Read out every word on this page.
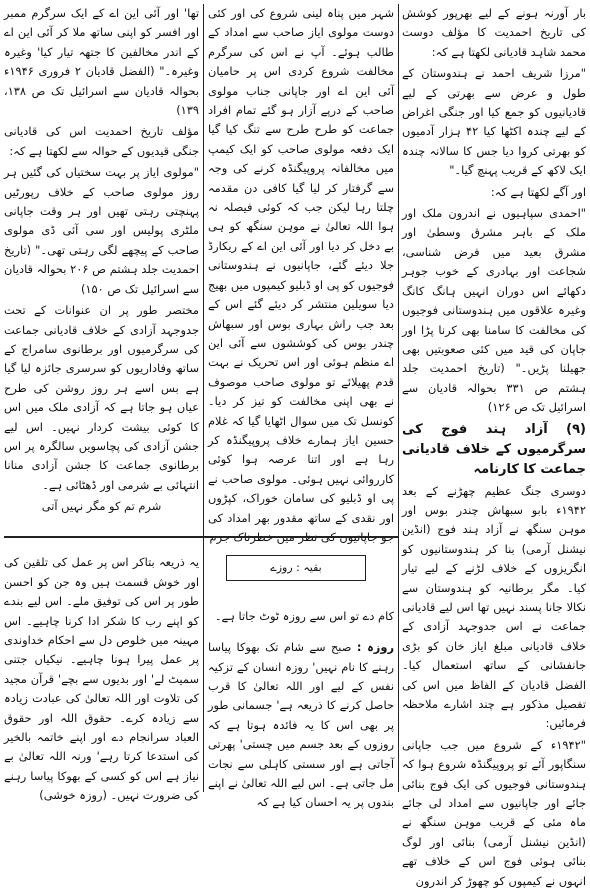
بار آورنہ ہونے کے لیے بھرپور کوشش کی تاریخ احمدیت کا مؤلف دوست محمد شاہد قادیانی لکھتا ہے کہ:

"مرزا شریف احمد نے ہندوستان کے طول و عرض سے بھرتی کے لیے قادیانیوں کو جمع کیا اور جنگی اغراض کے لیے چندہ اکٹھا کیا ۴۲ ہزار آدمیوں کو بھرتی کروا دیا جس کا سالانہ چندہ ایک لاکھ کے قریب پہنچ گیا۔"

اور آگے لکھتا ہے کہ:

"احمدی سپاہیوں نے اندرون ملک اور ملک کے باہر مشرق وسطیٰ اور مشرق بعید میں فرض شناسی، شجاعت اور بہادری کے خوب جوہر دکھائے اس دوران انہیں ہانگ کانگ وغیرہ علاقوں میں ہندوستانی فوجیوں کی مخالفت کا سامنا بھی کرنا پڑا اور جاپان کی قید میں کئی صعوبتیں بھی جھیلنا پڑیں۔" (تاریخ احمدیت جلد ہشتم ص ۳۳۱ بحوالہ قادیان سے اسرائیل تک ص ۱۲۶)

(۹) آزاد ہند فوج کی سرگرمیوں کے خلاف قادیانی جماعت کا کارنامہ

دوسری جنگ عظیم چھڑنے کے بعد ۱۹۴۲ء بابو سبھاش چندر بوس اور موہن سنگھ نے آزاد ہند فوج (انڈین نیشنل آرمی) بنا کر ہندوستانیوں کو انگریزوں کے خلاف لڑنے کے لیے تیار کیا۔ مگر برطانیہ کو ہندوستان سے نکالا جانا پسند نہیں تھا اس لیے قادیانی جماعت نے اس جدوجہد آزادی کے خلاف قادیانی مبلغ ایاز خان کو بڑی جانفشانی کے ساتھ استعمال کیا۔ الفضل قادیان کے الفاظ میں اس کی تفصیل مذکور ہے چند اشارے ملاحظہ فرمائیں:

"۱۹۴۲ء کے شروع میں جب جاپانی سنگاپور آئے تو پروپیگنڈہ شروع ہوا کہ ہندوستانی فوجیوں کی ایک فوج بنائی جائے اور جاپانیوں سے امداد لی جائے ماہ مئی کے قریب موہن سنگھ نے (انڈین نیشنل آرمی) بنائی اور لوگ بنائی ہوئی فوج اس کے خلاف تھے انہوں نے کیمپوں کو چھوڑ کر اندرون

شہر میں پناہ لینی شروع کی اور کئی دوست مولوی ایاز صاحب سے امداد کے طالب ہوئے۔ آپ نے اس کی سرگرم مخالفت شروع کردی اس پر حامیان آئی این اے اور جاپانی جناب مولوی صاحب کے درپے آزار ہو گئے تمام افراد جماعت کو طرح طرح سے تنگ کیا گیا ایک دفعہ مولوی صاحب کو ایک کیمپ میں مخالفانہ پروپیگنڈہ کرنے کی وجہ سے گرفتار کر لیا گیا کافی دن مقدمہ چلتا رہا لیکن جب کہ کوئی فیصلہ نہ ہوا اللہ تعالیٰ نے موہن سنگھ کو ہی بے دخل کر دیا اور آئی این اے کے ریکارڈ جلا دیئے گئے، جاپانیوں نے ہندوستانی فوجیوں کو پی او ڈبلیو کیمپوں میں بھیج دیا سویلین منتشر کر دیئے گئے اس کے بعد جب راش بہاری بوس اور سبھاش چندر بوس کی کوششوں سے آئی این اے منظم ہوئی اور اس تحریک نے بہت قدم پھیلائے تو مولوی صاحب موصوف نے بھی اپنی مخالفت کو تیز کر دیا۔ کونسل تک میں سوال اٹھایا گیا کہ غلام حسین ایاز ہمارے خلاف پروپیگنڈہ کر رہا ہے اور اتنا عرصہ ہوا کوئی کارروائی نہیں ہوئی۔ مولوی صاحب نے پی او ڈبلیو کی سامان خوراک، کپڑوں اور نقدی کے ساتھ مقدور بھر امداد کی

تھا' اور آئی این اے کے ایک سرگرم ممبر اور افسر کو اپنی ساتھ ملا کر آئی این اے کے اندر مخالفین کا جتھہ تیار کیا' وغیرہ وغیرہ۔" (الفضل قادیان ۲ فروری ۱۹۴۶ء بحوالہ قادیان سے اسرائیل تک ص ۱۳۸، ۱۳۹)

مؤلف تاریخ احمدیت اس کی قادیانی جنگی قیدیوں کے حوالہ سے لکھتا ہے کہ:

"مولوی ایاز پر بہت سختیاں کی گئیں ہر روز مولوی صاحب کے خلاف رپورٹیں پہنچتی رہتی تھیں اور ہر وقت جاپانی ملٹری پولیس اور سی آئی ڈی مولوی صاحب کے پیچھے لگی رہتی تھی۔" (تاریخ احمدیت جلد ہشتم ص ۲۰۶ بحوالہ قادیان سے اسرائیل تک ص ۱۵۰)

مختصر طور پر ان عنوانات کے تحت جدوجہد آزادی کے خلاف قادیانی جماعت کی سرگرمیوں اور برطانوی سامراج کے ساتھ وفاداریوں کو سرسری جائزہ لیا گیا ہے بس اسے ہر روز روشن کی طرح عیاں ہو جاتا ہے کہ آزادی ملک میں اس کا کوئی بیشت کردار نہیں۔ اس لیے جشن آزادی کی پچاسویں سالگرہ پر اس برطانوی جماعت کا جشن آزادی منانا انتہائی بے شرمی اور ڈھٹائی ہے۔

شرم تم کو مگر نہیں آتی

یہ ذریعہ بتاکر اس پر عمل کی تلقین کی اور خوش قسمت ہیں وہ جن کو احسن طور پر اس کی توفیق ملے۔ اس لیے بندے کو اپنے رب کا شکر ادا کرنا چاہیے۔ اس مہینہ میں خلوص دل سے احکام خداوندی پر عمل پیرا ہونا چاہیے۔ نیکیاں جتنی سمیٹ لے' اور بدیوں سے بچے' قرآن مجید کی تلاوت اور اللہ تعالیٰ کی عبادت زیادہ سے زیادہ کرے۔ حقوق اللہ اور حقوق العباد سرانجام دے اور اپنے خاتمہ بالخیر کی استدعا کرتا رہے' ورنہ اللہ تعالیٰ بے نیاز ہے اس کو کسی کے بھوکا پیاسا رہنے کی ضرورت نہیں۔ (روزہ خوشی)

بقیہ : روزے

کام دے تو اس سے روزہ ٹوٹ جاتا ہے۔

روزہ : صبح سے شام تک بھوکا پیاسا رہنے کا نام نہیں' روزہ انسان کے تزکیہ نفس کے لیے اور اللہ تعالیٰ کا قرب حاصل کرنے کا ذریعہ ہے' جسمانی طور پر بھی اس کا یہ فائدہ ہوتا ہے کہ روزوں کے بعد جسم میں چستی' پھرتی آجاتی ہے اور سستی کاہلی سے نجات مل جاتی ہے۔ اس لیے اللہ تعالیٰ نے اپنے بندوں پر یہ احسان کیا ہے کہ
